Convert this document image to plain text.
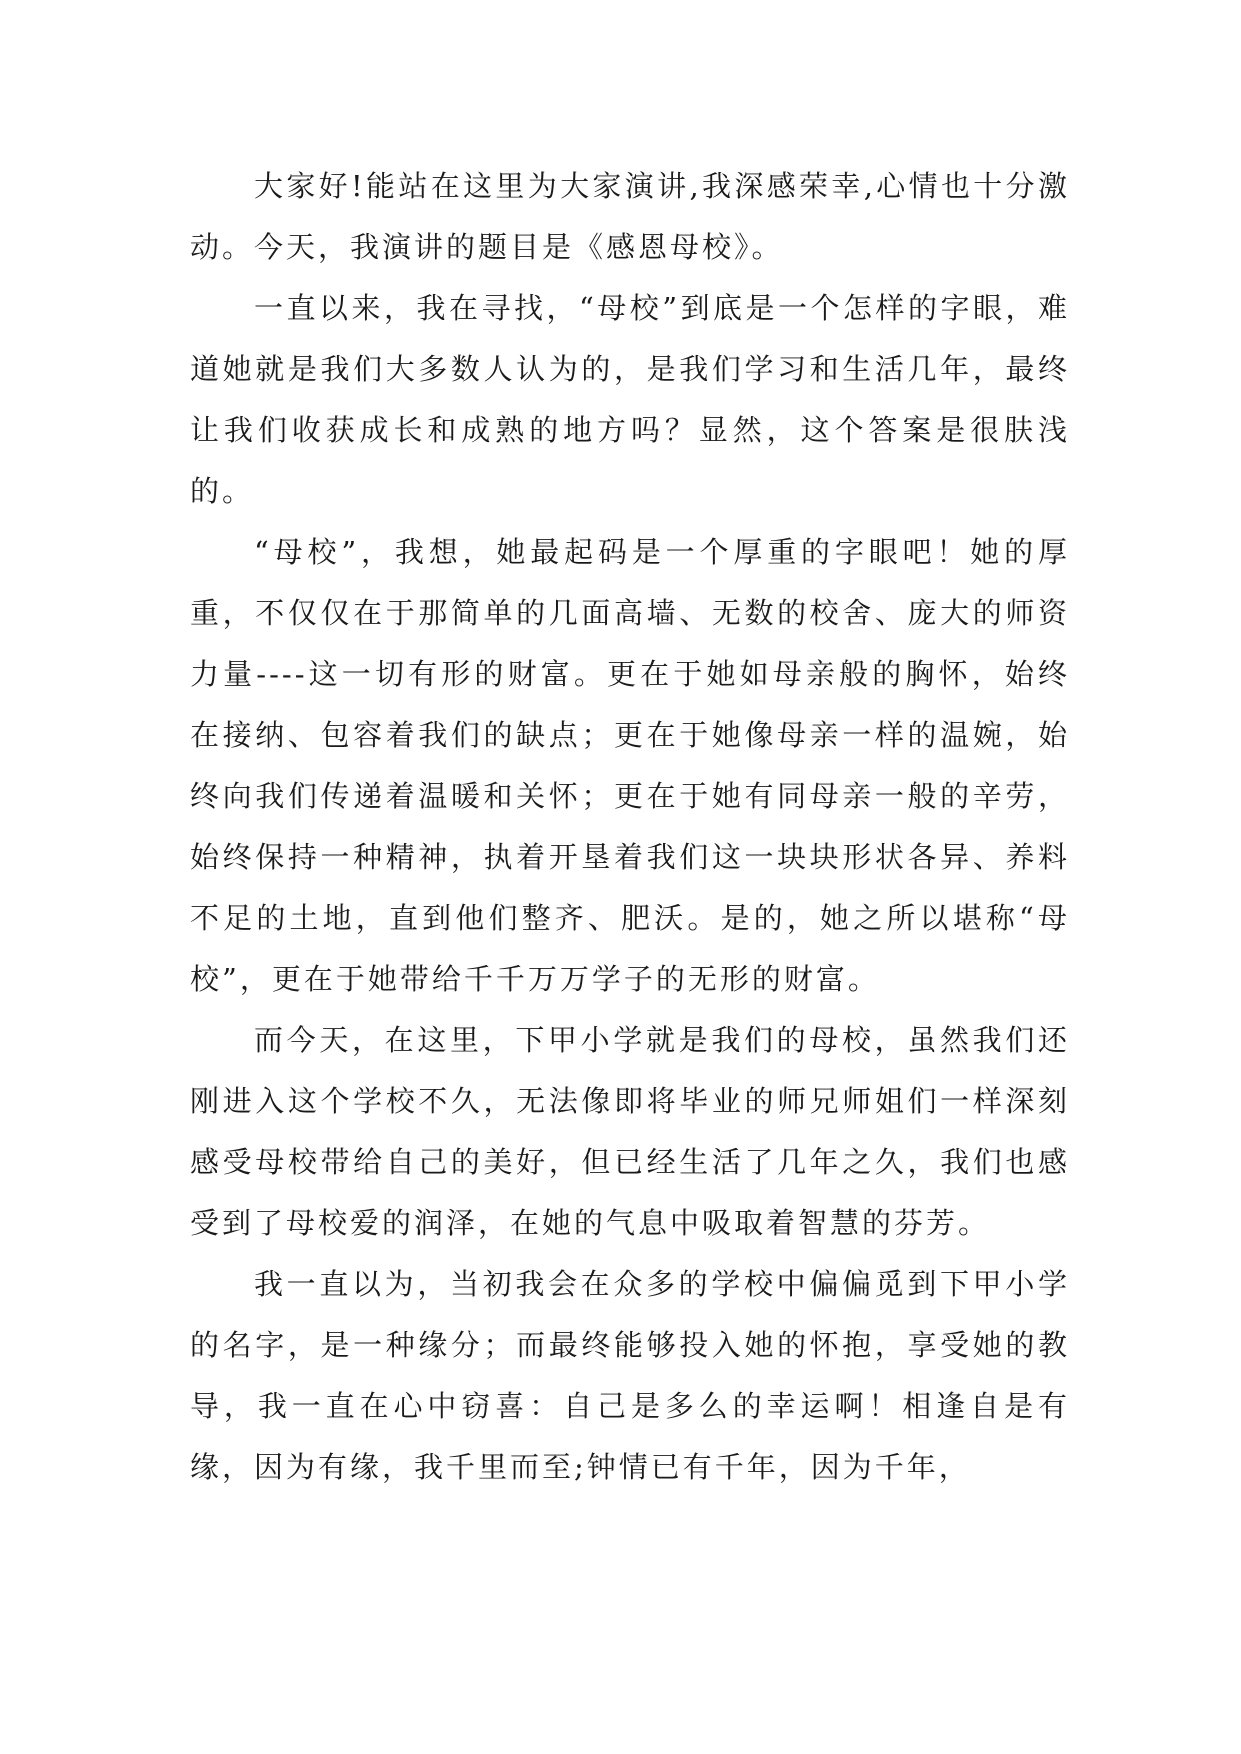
大家好!能站在这里为大家演讲,我深感荣幸,心情也十分激动。今天，我演讲的题目是《感恩母校》。

一直以来，我在寻找，“母校”到底是一个怎样的字眼，难道她就是我们大多数人认为的，是我们学习和生活几年，最终让我们收获成长和成熟的地方吗？显然，这个答案是很肤浅的。

“母校”，我想，她最起码是一个厚重的字眼吧！她的厚重，不仅仅在于那简单的几面高墙、无数的校舍、庞大的师资力量----这一切有形的财富。更在于她如母亲般的胸怀，始终在接纳、包容着我们的缺点；更在于她像母亲一样的温婉，始终向我们传递着温暖和关怀；更在于她有同母亲一般的辛劳，始终保持一种精神，执着开垦着我们这一块块形状各异、养料不足的土地，直到他们整齐、肥沃。是的，她之所以堪称“母校”，更在于她带给千千万万学子的无形的财富。

而今天，在这里，下甲小学就是我们的母校，虽然我们还刚进入这个学校不久，无法像即将毕业的师兄师姐们一样深刻感受母校带给自己的美好，但已经生活了几年之久，我们也感受到了母校爱的润泽，在她的气息中吸取着智慧的芬芳。

我一直以为，当初我会在众多的学校中偏偏觅到下甲小学的名字，是一种缘分；而最终能够投入她的怀抱，享受她的教导，我一直在心中窃喜：自己是多么的幸运啊！相逢自是有缘，因为有缘，我千里而至;钟情已有千年，因为千年，
